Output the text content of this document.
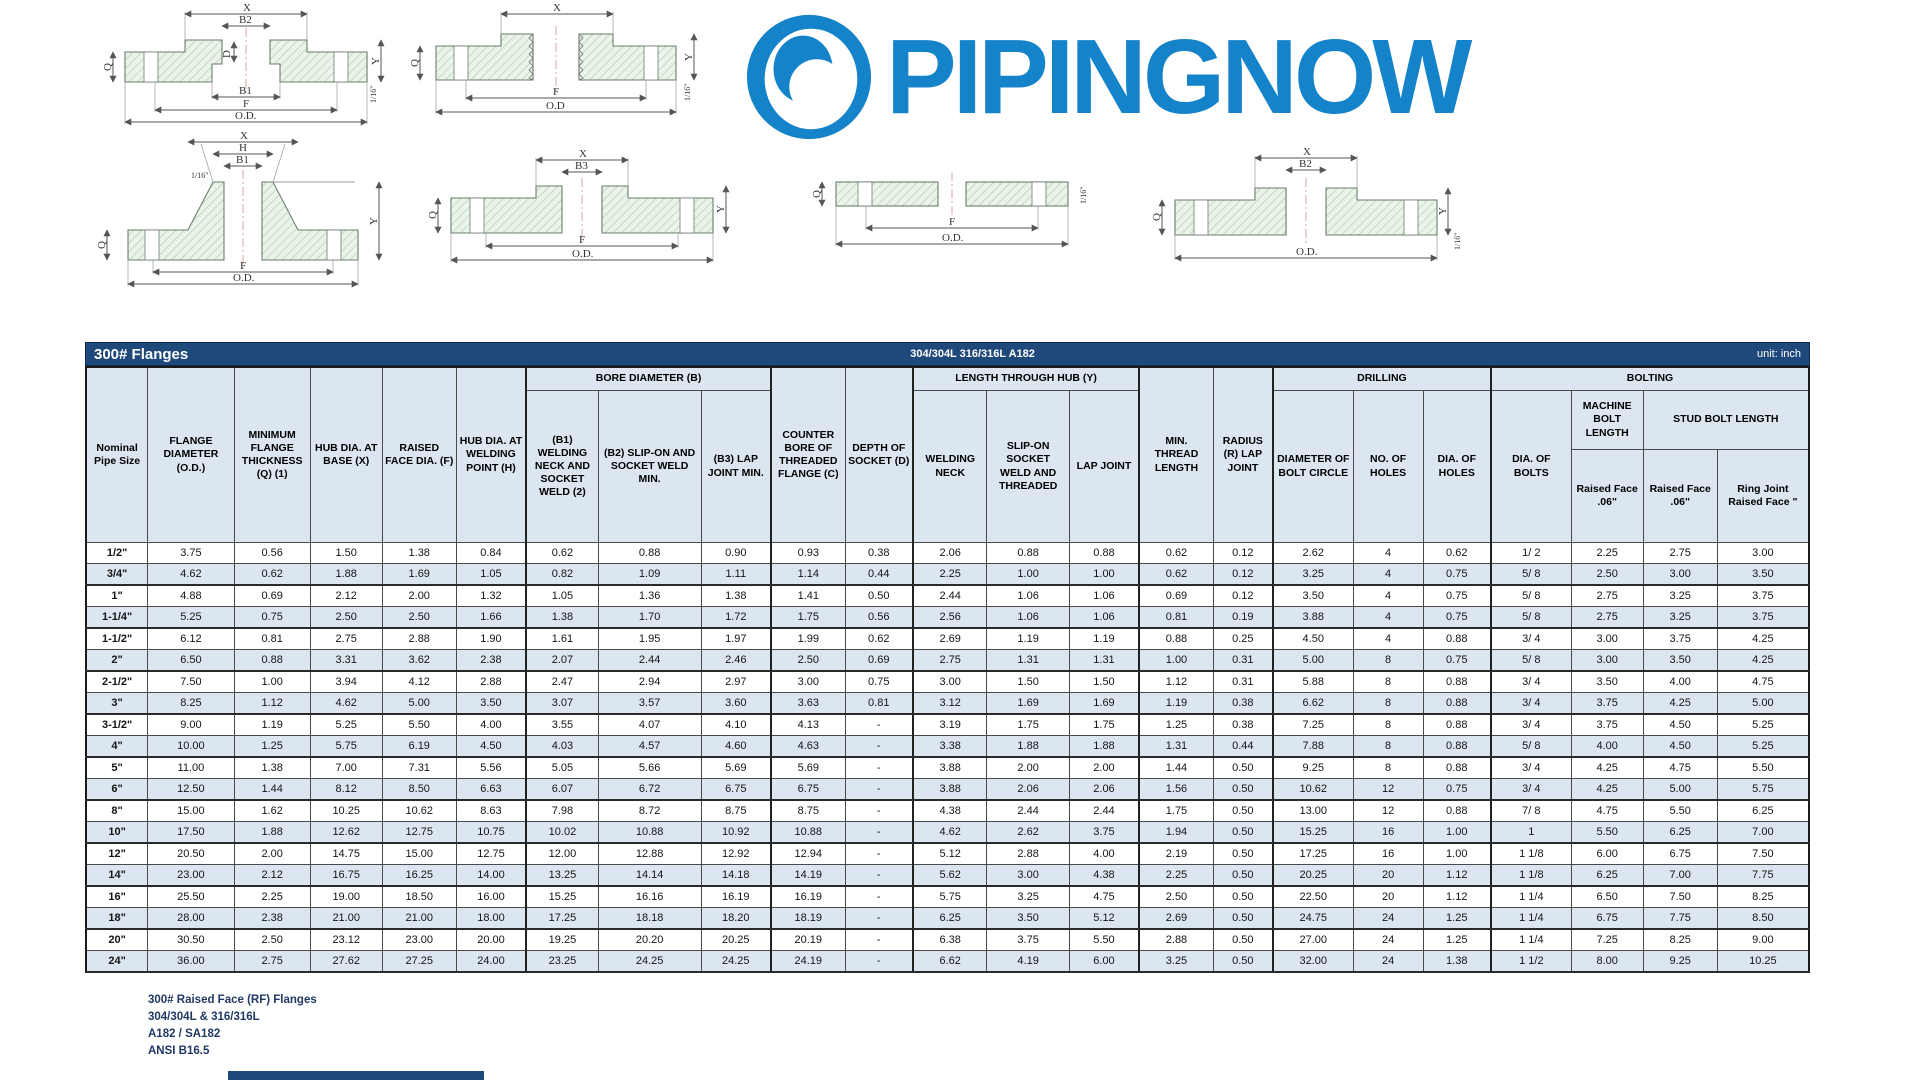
X
B2
D
B1
F
O.D.
Q
Y
1/16"
X
F
O.D
Q
Y
1/16"
X
H
B1
1/16"
F
O.D.
Q
Y
X
B3
F
O.D.
Q
Y
Q
F
O.D.
1/16"
X
B2
O.D.
Q
Y
1/16"
PIPINGNOW
300# Flanges	304/304L 316/316L A182	unit: inch
Nominal Pipe Size	FLANGE DIAMETER (O.D.)	MINIMUM FLANGE THICKNESS (Q) (1)	HUB DIA. AT BASE (X)	RAISED FACE DIA. (F)	HUB DIA. AT WELDING POINT (H)	BORE DIAMETER (B)			COUNTER BORE OF THREADED FLANGE (C)	DEPTH OF SOCKET (D)	LENGTH THROUGH HUB (Y)			MIN. THREAD LENGTH	RADIUS (R) LAP JOINT	DRILLING			BOLTING			
						(B1) WELDING NECK AND SOCKET WELD (2)	(B2) SLIP-ON AND SOCKET WELD MIN.	(B3) LAP JOINT MIN.			WELDING NECK	SLIP-ON SOCKET WELD AND THREADED	LAP JOINT			DIAMETER OF BOLT CIRCLE	NO. OF HOLES	DIA. OF HOLES	DIA. OF BOLTS	MACHINE BOLT LENGTH	STUD BOLT LENGTH	
																				Raised Face .06"	Raised Face .06"	Ring Joint Raised Face "
1/2"	3.75	0.56	1.50	1.38	0.84	0.62	0.88	0.90	0.93	0.38	2.06	0.88	0.88	0.62	0.12	2.62	4	0.62	1/ 2	2.25	2.75	3.00
3/4"	4.62	0.62	1.88	1.69	1.05	0.82	1.09	1.11	1.14	0.44	2.25	1.00	1.00	0.62	0.12	3.25	4	0.75	5/ 8	2.50	3.00	3.50
1"	4.88	0.69	2.12	2.00	1.32	1.05	1.36	1.38	1.41	0.50	2.44	1.06	1.06	0.69	0.12	3.50	4	0.75	5/ 8	2.75	3.25	3.75
1-1/4"	5.25	0.75	2.50	2.50	1.66	1.38	1.70	1.72	1.75	0.56	2.56	1.06	1.06	0.81	0.19	3.88	4	0.75	5/ 8	2.75	3.25	3.75
1-1/2"	6.12	0.81	2.75	2.88	1.90	1.61	1.95	1.97	1.99	0.62	2.69	1.19	1.19	0.88	0.25	4.50	4	0.88	3/ 4	3.00	3.75	4.25
2"	6.50	0.88	3.31	3.62	2.38	2.07	2.44	2.46	2.50	0.69	2.75	1.31	1.31	1.00	0.31	5.00	8	0.75	5/ 8	3.00	3.50	4.25
2-1/2"	7.50	1.00	3.94	4.12	2.88	2.47	2.94	2.97	3.00	0.75	3.00	1.50	1.50	1.12	0.31	5.88	8	0.88	3/ 4	3.50	4.00	4.75
3"	8.25	1.12	4.62	5.00	3.50	3.07	3.57	3.60	3.63	0.81	3.12	1.69	1.69	1.19	0.38	6.62	8	0.88	3/ 4	3.75	4.25	5.00
3-1/2"	9.00	1.19	5.25	5.50	4.00	3.55	4.07	4.10	4.13	-	3.19	1.75	1.75	1.25	0.38	7.25	8	0.88	3/ 4	3.75	4.50	5.25
4"	10.00	1.25	5.75	6.19	4.50	4.03	4.57	4.60	4.63	-	3.38	1.88	1.88	1.31	0.44	7.88	8	0.88	5/ 8	4.00	4.50	5.25
5"	11.00	1.38	7.00	7.31	5.56	5.05	5.66	5.69	5.69	-	3.88	2.00	2.00	1.44	0.50	9.25	8	0.88	3/ 4	4.25	4.75	5.50
6"	12.50	1.44	8.12	8.50	6.63	6.07	6.72	6.75	6.75	-	3.88	2.06	2.06	1.56	0.50	10.62	12	0.75	3/ 4	4.25	5.00	5.75
8"	15.00	1.62	10.25	10.62	8.63	7.98	8.72	8.75	8.75	-	4.38	2.44	2.44	1.75	0.50	13.00	12	0.88	7/ 8	4.75	5.50	6.25
10"	17.50	1.88	12.62	12.75	10.75	10.02	10.88	10.92	10.88	-	4.62	2.62	3.75	1.94	0.50	15.25	16	1.00	1	5.50	6.25	7.00
12"	20.50	2.00	14.75	15.00	12.75	12.00	12.88	12.92	12.94	-	5.12	2.88	4.00	2.19	0.50	17.25	16	1.00	1 1/8	6.00	6.75	7.50
14"	23.00	2.12	16.75	16.25	14.00	13.25	14.14	14.18	14.19	-	5.62	3.00	4.38	2.25	0.50	20.25	20	1.12	1 1/8	6.25	7.00	7.75
16"	25.50	2.25	19.00	18.50	16.00	15.25	16.16	16.19	16.19	-	5.75	3.25	4.75	2.50	0.50	22.50	20	1.12	1 1/4	6.50	7.50	8.25
18"	28.00	2.38	21.00	21.00	18.00	17.25	18.18	18.20	18.19	-	6.25	3.50	5.12	2.69	0.50	24.75	24	1.25	1 1/4	6.75	7.75	8.50
20"	30.50	2.50	23.12	23.00	20.00	19.25	20.20	20.25	20.19	-	6.38	3.75	5.50	2.88	0.50	27.00	24	1.25	1 1/4	7.25	8.25	9.00
24"	36.00	2.75	27.62	27.25	24.00	23.25	24.25	24.25	24.19	-	6.62	4.19	6.00	3.25	0.50	32.00	24	1.38	1 1/2	8.00	9.25	10.25
300# Raised Face (RF) Flanges
304/304L & 316/316L
A182 / SA182
ANSI B16.5
